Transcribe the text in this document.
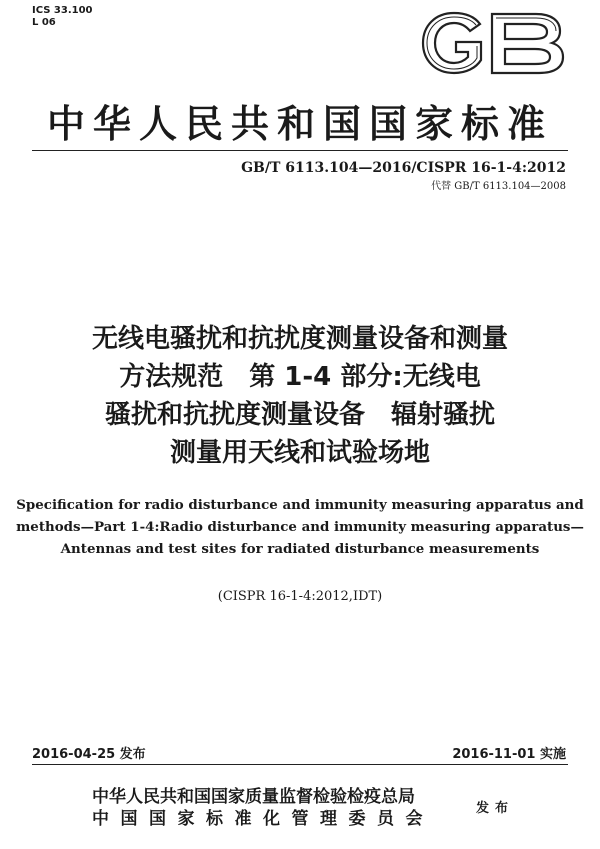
ICS 33.100
L 06
中华人民共和国国家标准
GB/T 6113.104—2016/CISPR 16-1-4:2012
代替 GB/T 6113.104—2008
无线电骚扰和抗扰度测量设备和测量
方法规范　第 1-4 部分:无线电
骚扰和抗扰度测量设备　辐射骚扰
测量用天线和试验场地
Specification for radio disturbance and immunity measuring apparatus and
methods—Part 1-4:Radio disturbance and immunity measuring apparatus—
Antennas and test sites for radiated disturbance measurements
(CISPR 16-1-4:2012,IDT)
2016-04-25 发布	2016-11-01 实施
中华人民共和国国家质量监督检验检疫总局
中国国家标准化管理委员会
发布
